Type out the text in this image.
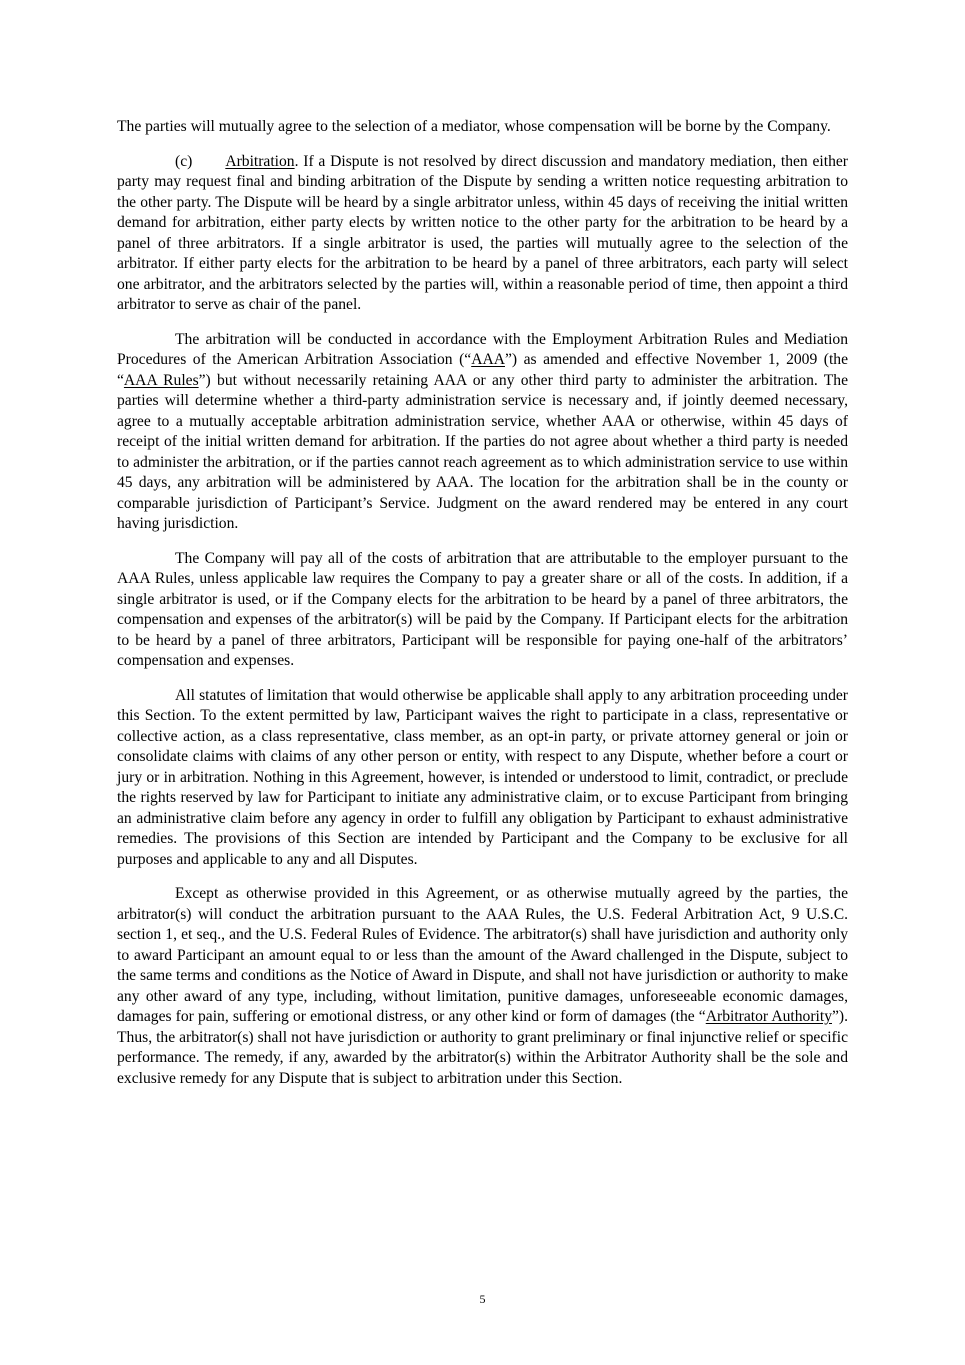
The parties will mutually agree to the selection of a mediator, whose compensation will be borne by the Company.

(c) Arbitration. If a Dispute is not resolved by direct discussion and mandatory mediation, then either party may request final and binding arbitration of the Dispute by sending a written notice requesting arbitration to the other party. The Dispute will be heard by a single arbitrator unless, within 45 days of receiving the initial written demand for arbitration, either party elects by written notice to the other party for the arbitration to be heard by a panel of three arbitrators. If a single arbitrator is used, the parties will mutually agree to the selection of the arbitrator. If either party elects for the arbitration to be heard by a panel of three arbitrators, each party will select one arbitrator, and the arbitrators selected by the parties will, within a reasonable period of time, then appoint a third arbitrator to serve as chair of the panel.

The arbitration will be conducted in accordance with the Employment Arbitration Rules and Mediation Procedures of the American Arbitration Association (“AAA”) as amended and effective November 1, 2009 (the “AAA Rules”) but without necessarily retaining AAA or any other third party to administer the arbitration. The parties will determine whether a third-party administration service is necessary and, if jointly deemed necessary, agree to a mutually acceptable arbitration administration service, whether AAA or otherwise, within 45 days of receipt of the initial written demand for arbitration. If the parties do not agree about whether a third party is needed to administer the arbitration, or if the parties cannot reach agreement as to which administration service to use within 45 days, any arbitration will be administered by AAA. The location for the arbitration shall be in the county or comparable jurisdiction of Participant’s Service. Judgment on the award rendered may be entered in any court having jurisdiction.

The Company will pay all of the costs of arbitration that are attributable to the employer pursuant to the AAA Rules, unless applicable law requires the Company to pay a greater share or all of the costs. In addition, if a single arbitrator is used, or if the Company elects for the arbitration to be heard by a panel of three arbitrators, the compensation and expenses of the arbitrator(s) will be paid by the Company. If Participant elects for the arbitration to be heard by a panel of three arbitrators, Participant will be responsible for paying one-half of the arbitrators’ compensation and expenses.

All statutes of limitation that would otherwise be applicable shall apply to any arbitration proceeding under this Section. To the extent permitted by law, Participant waives the right to participate in a class, representative or collective action, as a class representative, class member, as an opt-in party, or private attorney general or join or consolidate claims with claims of any other person or entity, with respect to any Dispute, whether before a court or jury or in arbitration. Nothing in this Agreement, however, is intended or understood to limit, contradict, or preclude the rights reserved by law for Participant to initiate any administrative claim, or to excuse Participant from bringing an administrative claim before any agency in order to fulfill any obligation by Participant to exhaust administrative remedies. The provisions of this Section are intended by Participant and the Company to be exclusive for all purposes and applicable to any and all Disputes.

Except as otherwise provided in this Agreement, or as otherwise mutually agreed by the parties, the arbitrator(s) will conduct the arbitration pursuant to the AAA Rules, the U.S. Federal Arbitration Act, 9 U.S.C. section 1, et seq., and the U.S. Federal Rules of Evidence. The arbitrator(s) shall have jurisdiction and authority only to award Participant an amount equal to or less than the amount of the Award challenged in the Dispute, subject to the same terms and conditions as the Notice of Award in Dispute, and shall not have jurisdiction or authority to make any other award of any type, including, without limitation, punitive damages, unforeseeable economic damages, damages for pain, suffering or emotional distress, or any other kind or form of damages (the “Arbitrator Authority”). Thus, the arbitrator(s) shall not have jurisdiction or authority to grant preliminary or final injunctive relief or specific performance. The remedy, if any, awarded by the arbitrator(s) within the Arbitrator Authority shall be the sole and exclusive remedy for any Dispute that is subject to arbitration under this Section.

5
